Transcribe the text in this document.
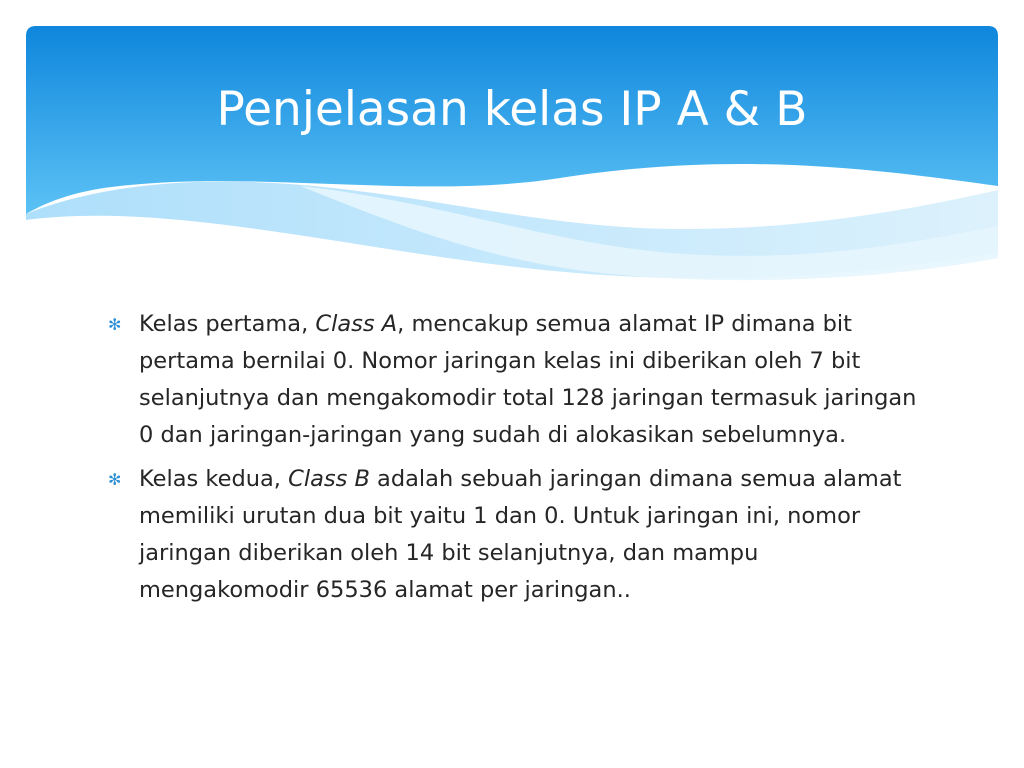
Penjelasan kelas IP A & B

✻ Kelas pertama, Class A, mencakup semua alamat IP dimana bit pertama bernilai 0. Nomor jaringan kelas ini diberikan oleh 7 bit selanjutnya dan mengakomodir total 128 jaringan termasuk jaringan 0 dan jaringan-jaringan yang sudah di alokasikan sebelumnya.

✻ Kelas kedua, Class B adalah sebuah jaringan dimana semua alamat memiliki urutan dua bit yaitu 1 dan 0. Untuk jaringan ini, nomor jaringan diberikan oleh 14 bit selanjutnya, dan mampu mengakomodir 65536 alamat per jaringan..
